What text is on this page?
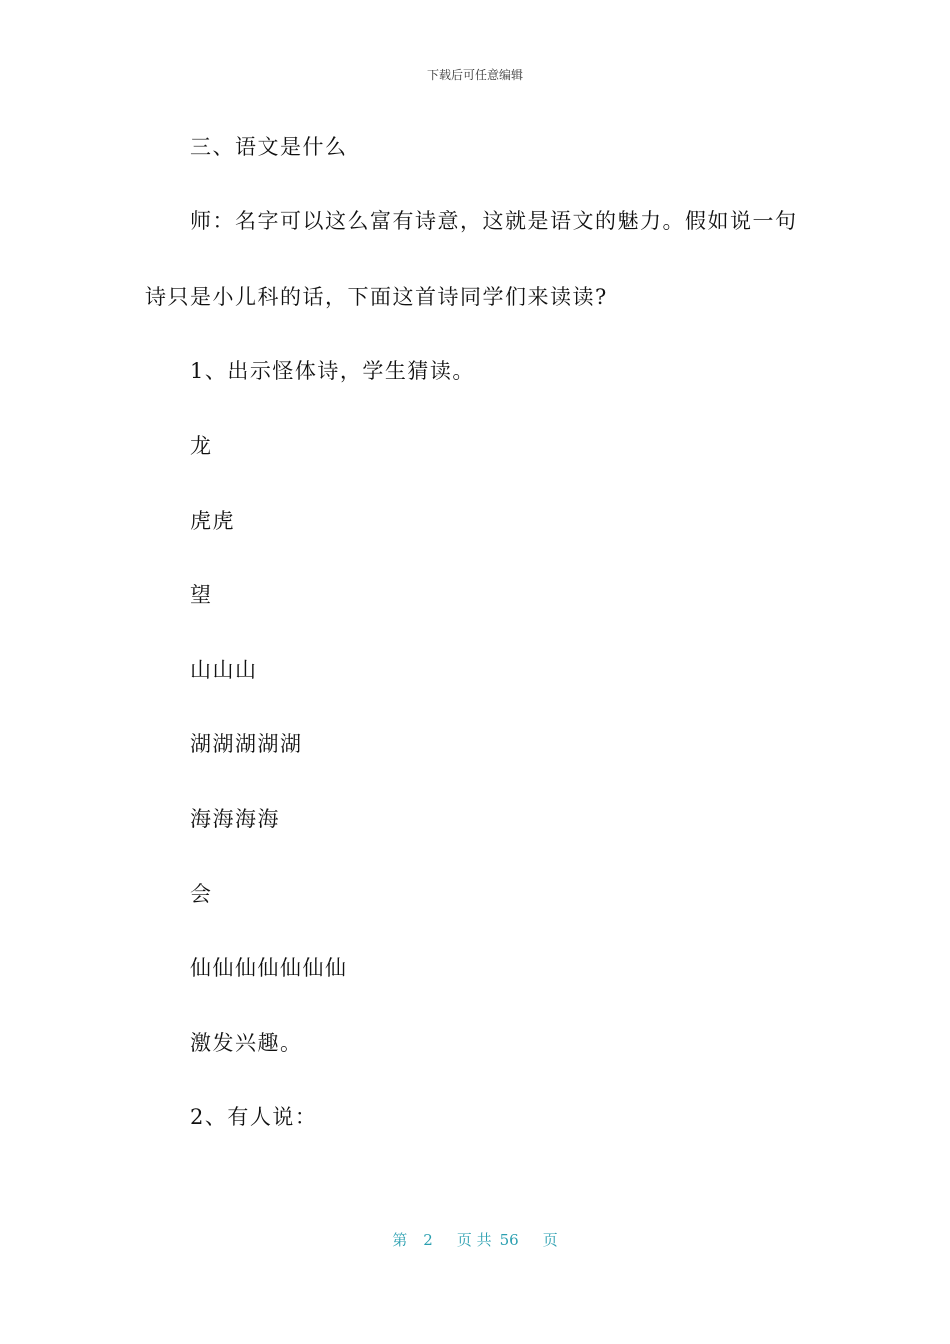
下载后可任意编辑
三、语文是什么
师：名字可以这么富有诗意，这就是语文的魅力。假如说一句
诗只是小儿科的话，下面这首诗同学们来读读?
1、出示怪体诗，学生猜读。
龙
虎虎
望
山山山
湖湖湖湖湖
海海海海
会
仙仙仙仙仙仙仙
激发兴趣。
2、有人说：
第 2 页 共 56 页
